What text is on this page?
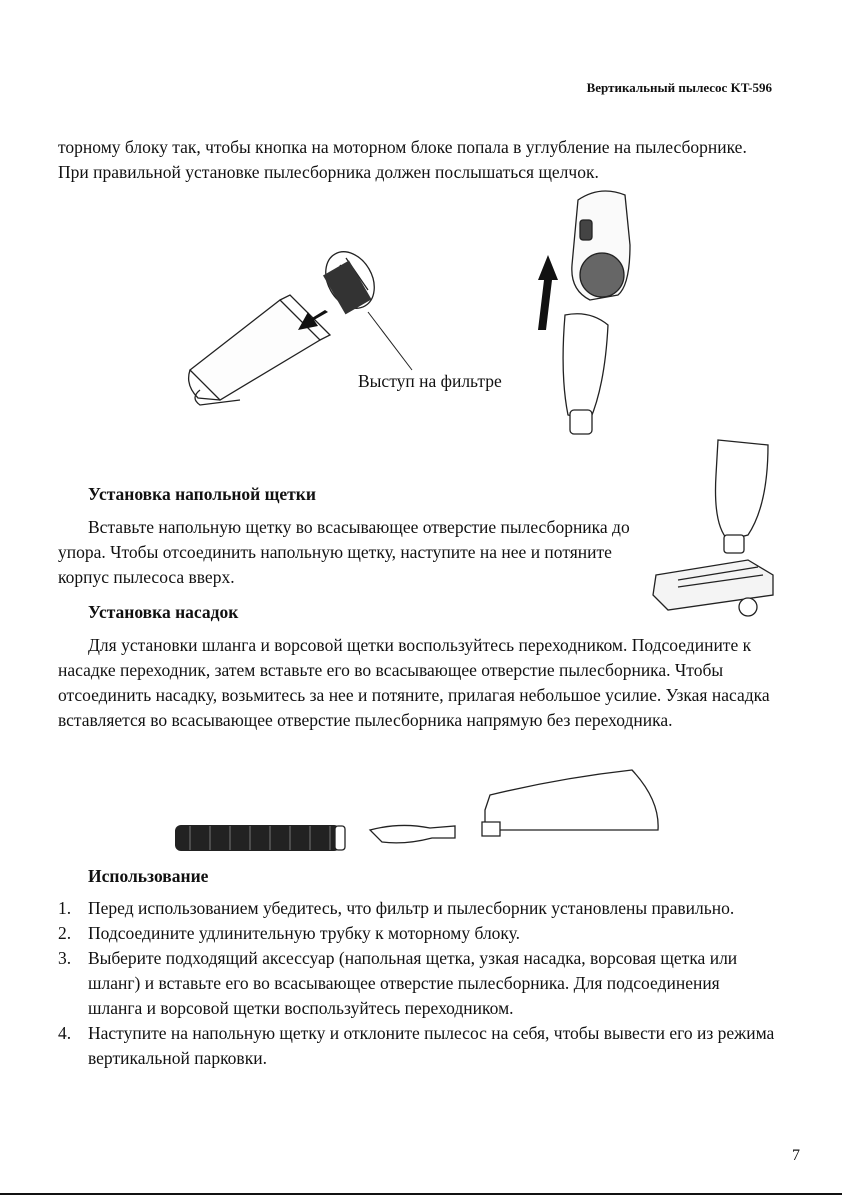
Вертикальный пылесос KT-596

торному блоку так, чтобы кнопка на моторном блоке попала в углубление на пылесборнике. При правильной установке пылесборника должен послышаться щелчок.

Выступ на фильтре

Установка напольной щетки

Вставьте напольную щетку во всасывающее отверстие пылесборника до упора. Чтобы отсоединить напольную щетку, наступите на нее и потяните корпус пылесоса вверх.

Установка насадок

Для установки шланга и ворсовой щетки воспользуйтесь переходником. Подсоедините к насадке переходник, затем вставьте его во всасывающее отверстие пылесборника. Чтобы отсоединить насадку, возьмитесь за нее и потяните, прилагая небольшое усилие. Узкая насадка вставляется во всасывающее отверстие пылесборника напрямую без переходника.

Использование

1. Перед использованием убедитесь, что фильтр и пылесборник установлены правильно.
2. Подсоедините удлинительную трубку к моторному блоку.
3. Выберите подходящий аксессуар (напольная щетка, узкая насадка, ворсовая щетка или шланг) и вставьте его во всасывающее отверстие пылесборника. Для подсоединения шланга и ворсовой щетки воспользуйтесь переходником.
4. Наступите на напольную щетку и отклоните пылесос на себя, чтобы вывести его из режима вертикальной парковки.
7
